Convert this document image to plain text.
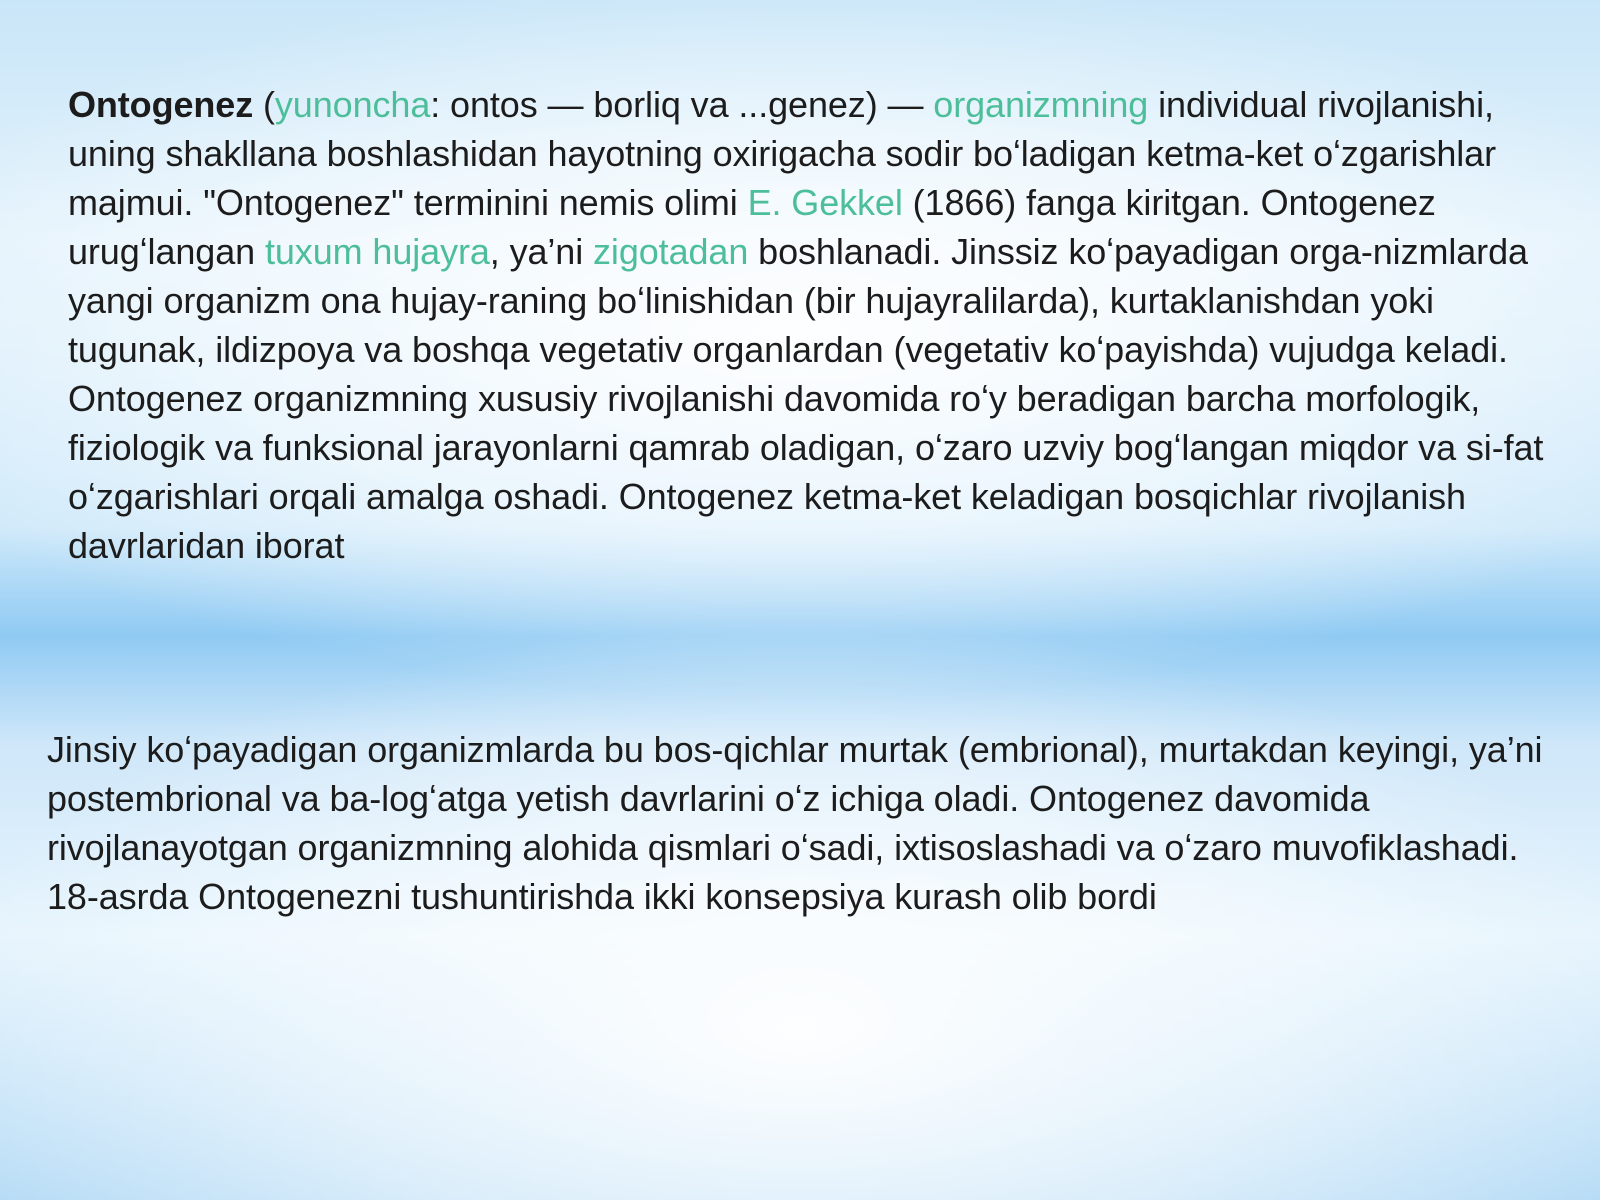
Ontogenez (yunoncha: ontos — borliq va ...genez) — organizmning individual rivojlanishi, uning shakllana boshlashidan hayotning oxirigacha sodir boʻladigan ketma-ket oʻzgarishlar majmui. "Ontogenez" terminini nemis olimi E. Gekkel (1866) fanga kiritgan. Ontogenez urugʻlangan tuxum hujayra, ya’ni zigotadan boshlanadi. Jinssiz koʻpayadigan orga-nizmlarda yangi organizm ona hujay-raning boʻlinishidan (bir hujayralilarda), kurtaklanishdan yoki tugunak, ildizpoya va boshqa vegetativ organlardan (vegetativ koʻpayishda) vujudga keladi. Ontogenez organizmning xususiy rivojlanishi davomida roʻy beradigan barcha morfologik, fiziologik va funksional jarayonlarni qamrab oladigan, oʻzaro uzviy bogʻlangan miqdor va si-fat oʻzgarishlari orqali amalga oshadi. Ontogenez ketma-ket keladigan bosqichlar rivojlanish davrlaridan iborat
Jinsiy koʻpayadigan organizmlarda bu bos-qichlar murtak (embrional), murtakdan keyingi, ya’ni postembrional va ba-logʻatga yetish davrlarini oʻz ichiga oladi. Ontogenez davomida rivojlanayotgan organizmning alohida qismlari oʻsadi, ixtisoslashadi va oʻzaro muvofiklashadi. 18-asrda Ontogenezni tushuntirishda ikki konsepsiya kurash olib bordi
